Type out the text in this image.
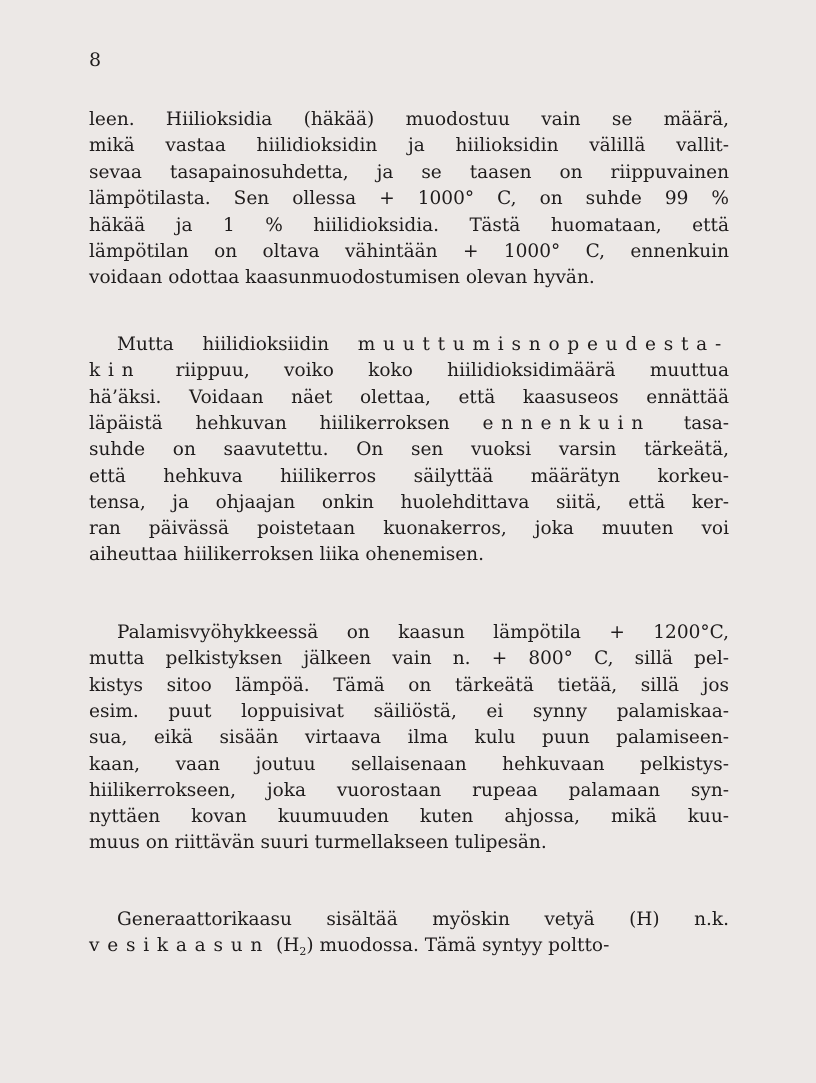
8
leen. Hiilioksidia (häkää) muodostuu vain se määrä,
mikä vastaa hiilidioksidin ja hiilioksidin välillä vallit-
sevaa tasapainosuhdetta, ja se taasen on riippuvainen
lämpötilasta. Sen ollessa + 1000° C, on suhde 99 %
häkää ja 1 % hiilidioksidia. Tästä huomataan, että
lämpötilan on oltava vähintään + 1000° C, ennenkuin
voidaan odottaa kaasunmuodostumisen olevan hyvän.
Mutta hiilidioksiidin muuttumisnopeudesta-
kin riippuu, voiko koko hiilidioksidimäärä muuttua
hä’äksi. Voidaan näet olettaa, että kaasuseos ennättää
läpäistä hehkuvan hiilikerroksen ennenkuin tasa-
suhde on saavutettu. On sen vuoksi varsin tärkeätä,
että hehkuva hiilikerros säilyttää määrätyn korkeu-
tensa, ja ohjaajan onkin huolehdittava siitä, että ker-
ran päivässä poistetaan kuonakerros, joka muuten voi
aiheuttaa hiilikerroksen liika ohenemisen.
Palamisvyöhykkeessä on kaasun lämpötila + 1200°C,
mutta pelkistyksen jälkeen vain n. + 800° C, sillä pel-
kistys sitoo lämpöä. Tämä on tärkeätä tietää, sillä jos
esim. puut loppuisivat säiliöstä, ei synny palamiskaa-
sua, eikä sisään virtaava ilma kulu puun palamiseen-
kaan, vaan joutuu sellaisenaan hehkuvaan pelkistys-
hiilikerrokseen, joka vuorostaan rupeaa palamaan syn-
nyttäen kovan kuumuuden kuten ahjossa, mikä kuu-
muus on riittävän suuri turmellakseen tulipesän.
Generaattorikaasu sisältää myöskin vetyä (H) n.k.
vesikaasun $(H_2)$ muodossa. Tämä syntyy poltto-
